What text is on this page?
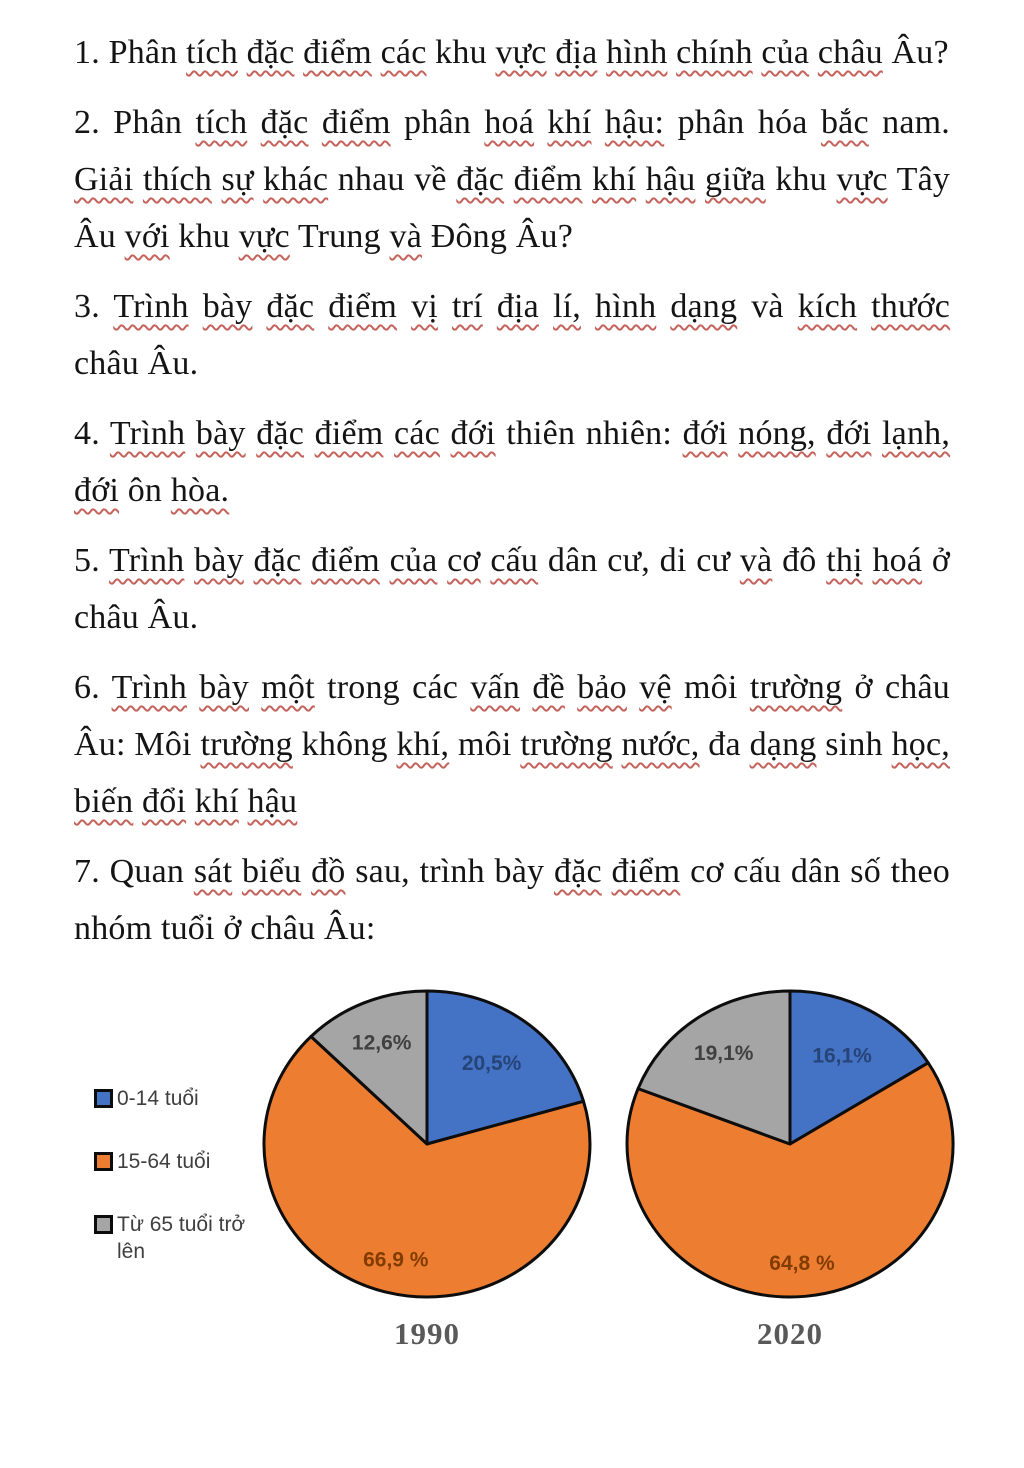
1. Phân tích đặc điểm các khu vực địa hình chính của châu Âu?

2. Phân tích đặc điểm phân hoá khí hậu: phân hóa bắc nam. Giải thích sự khác nhau về đặc điểm khí hậu giữa khu vực Tây Âu với khu vực Trung và Đông Âu?

3. Trình bày đặc điểm vị trí địa lí, hình dạng và kích thước châu Âu.

4. Trình bày đặc điểm các đới thiên nhiên: đới nóng, đới lạnh, đới ôn hòa.

5. Trình bày đặc điểm của cơ cấu dân cư, di cư và đô thị hoá ở châu Âu.

6. Trình bày một trong các vấn đề bảo vệ môi trường ở châu Âu: Môi trường không khí, môi trường nước, đa dạng sinh học, biến đổi khí hậu

7. Quan sát biểu đồ sau, trình bày đặc điểm cơ cấu dân số theo nhóm tuổi ở châu Âu:

0-14 tuổi
15-64 tuổi
Từ 65 tuổi trở lên
20,5%
66,9 %
12,6%
1990
16,1%
64,8 %
19,1%
2020
